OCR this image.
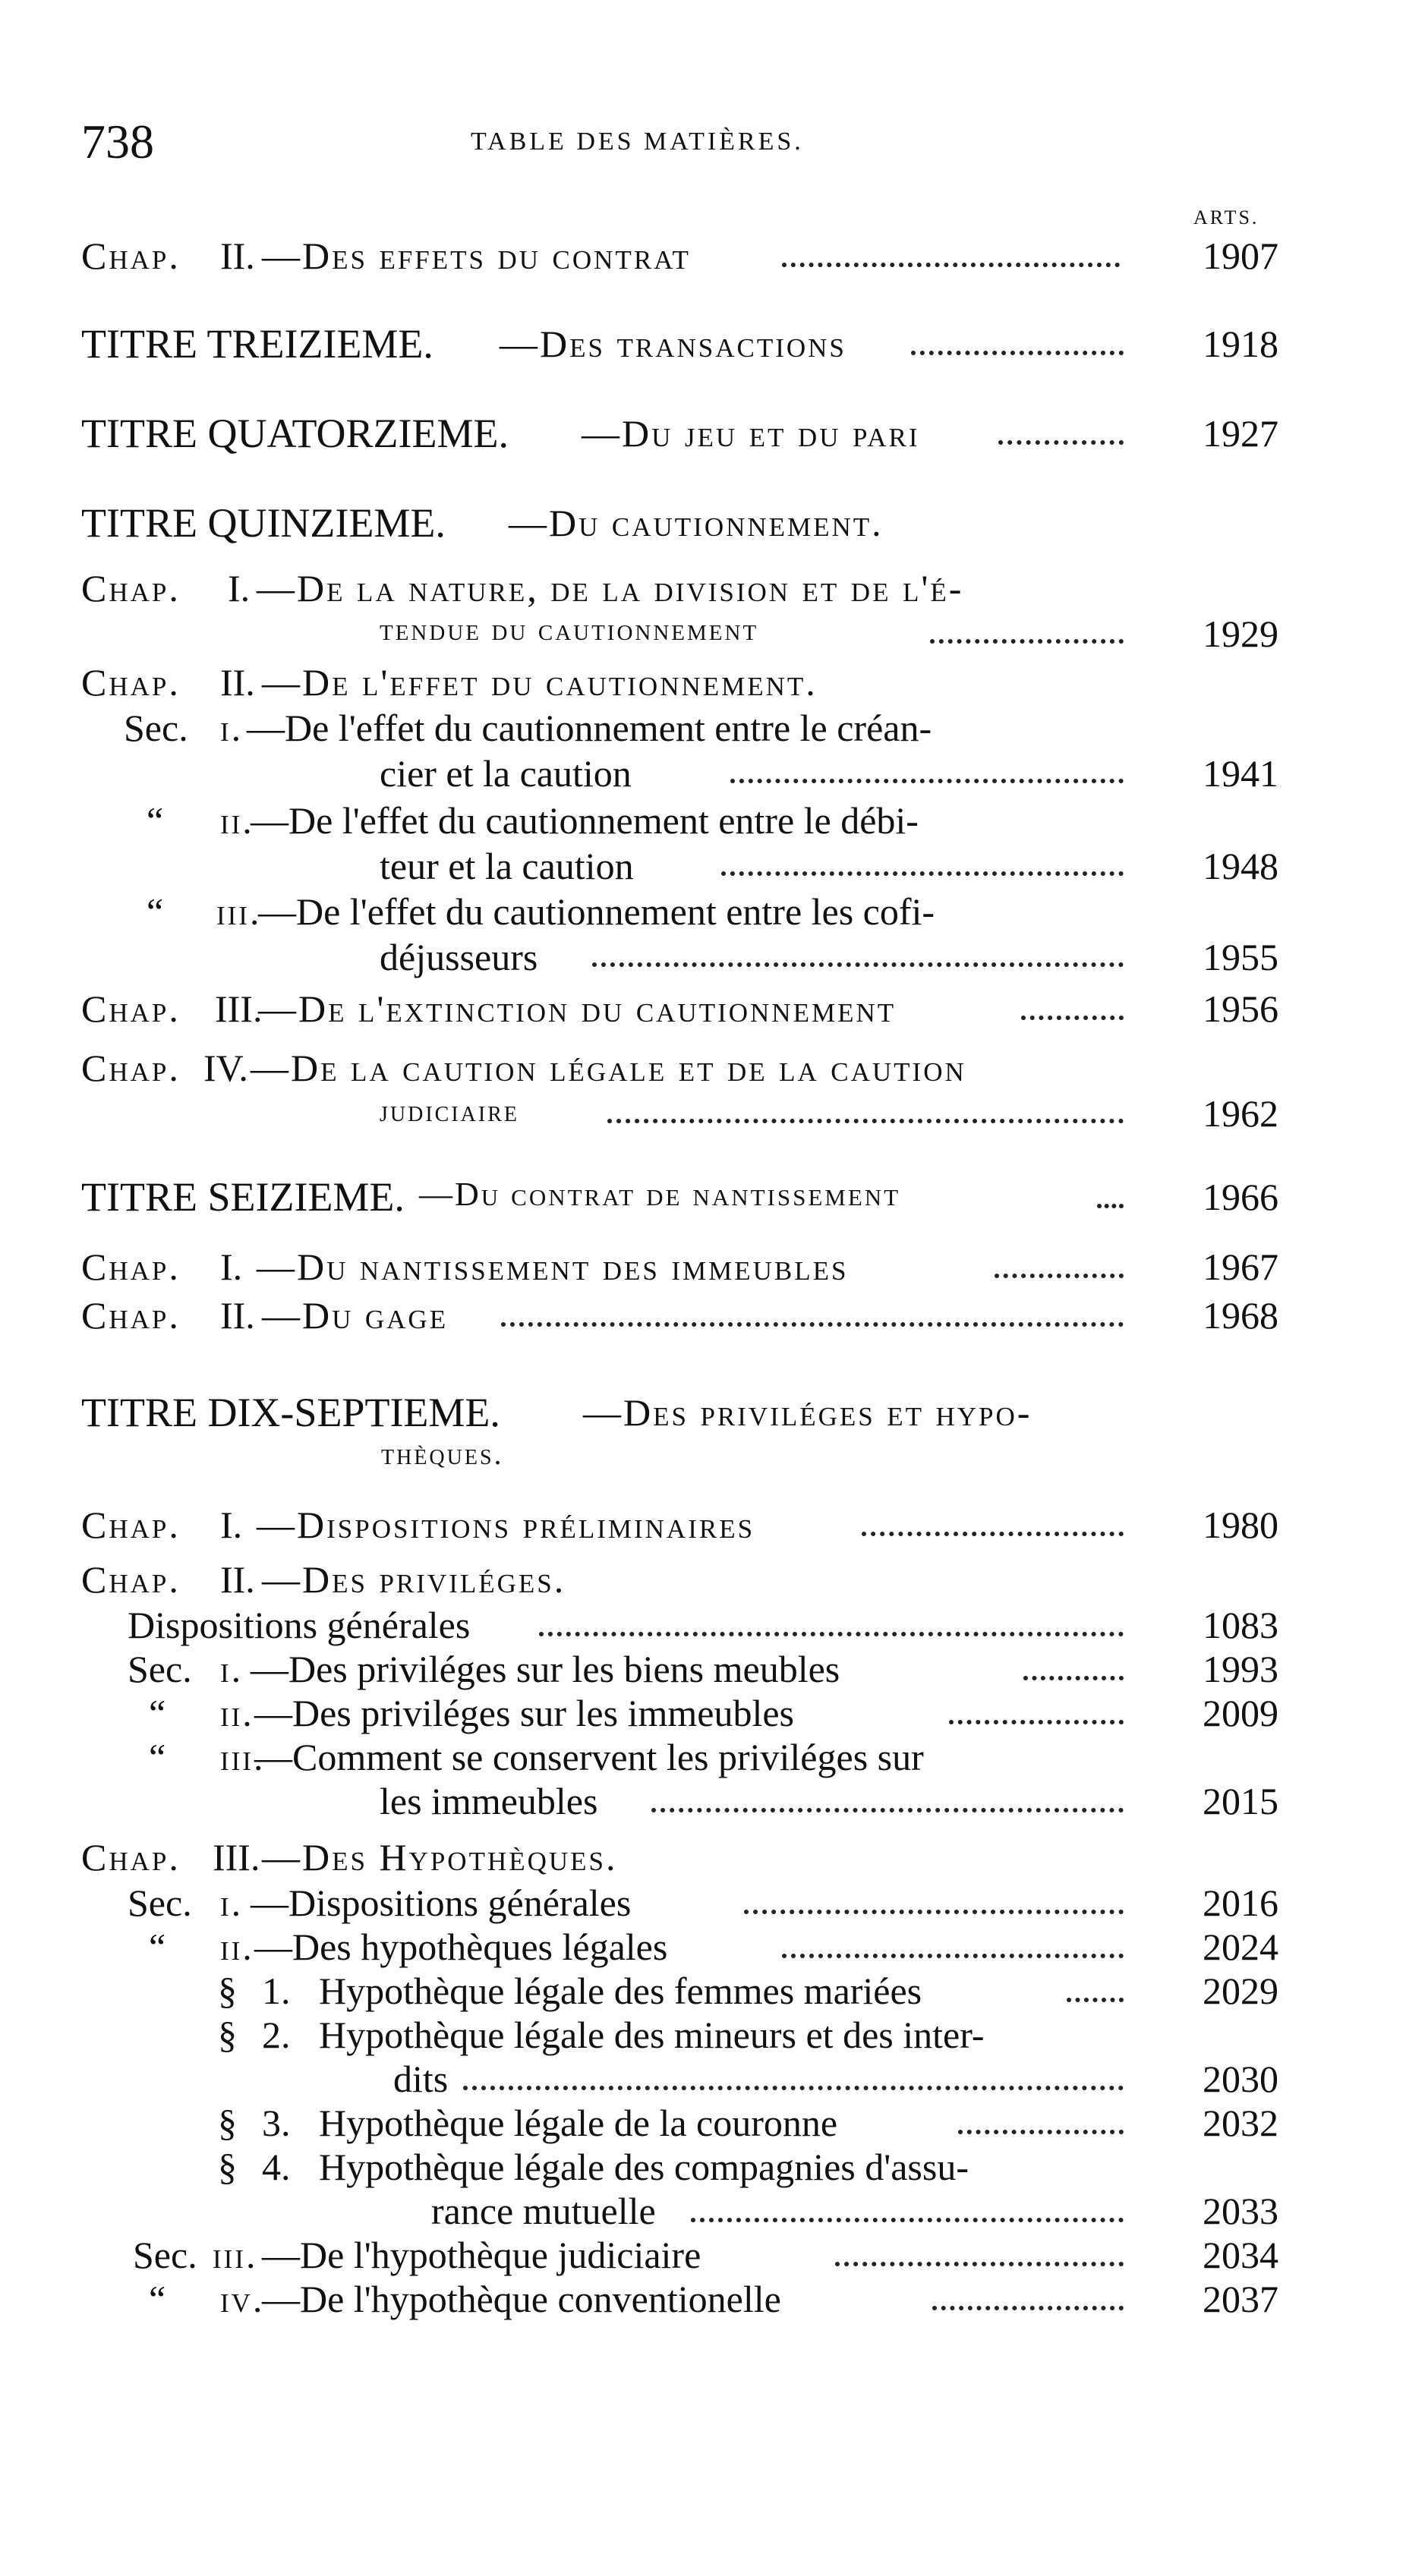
738	TABLE DES MATIÈRES.
ARTS.
Chap. II. —Des effets du contrat	1907
TITRE TREIZIEME. —Des transactions	1918
TITRE QUATORZIEME. —Du jeu et du pari	1927
TITRE QUINZIEME. —Du cautionnement.
Chap. I. —De la nature, de la division et de l'é-
tendue du cautionnement	1929
Chap. II. —De l'effet du cautionnement.
Sec. i. —De l'effet du cautionnement entre le créan-
cier et la caution	1941
“ ii.
—De l'effet du cautionnement entre le débi-
teur et la caution	1948
“ iii.
—De l'effet du cautionnement entre les cofi-
déjusseurs	1955
Chap. III.
—De l'extinction du cautionnement	1956
Chap. IV. —De la caution légale et de la caution
judiciaire	1962
TITRE SEIZIEME. —Du contrat de nantissement	1966
Chap. I. —Du nantissement des immeubles	1967
Chap. II. —Du gage	1968
TITRE DIX-SEPTIEME. —Des priviléges et hypo-
thèques.
Chap. I. —Dispositions préliminaires	1980
Chap. II. —Des priviléges.
Dispositions générales	1083
Sec. i. —Des priviléges sur les biens meubles	1993
“ ii. —Des priviléges sur les immeubles	2009
“ iii.
—Comment se conservent les priviléges sur
les immeubles	2015
Chap. III. —Des Hypothèques.
Sec. i. —Dispositions générales	2016
“ ii. —Des hypothèques légales	2024
§ 1. Hypothèque légale des femmes mariées	2029
§ 2. Hypothèque légale des mineurs et des inter-
dits	2030
§ 3. Hypothèque légale de la couronne	2032
§ 4. Hypothèque légale des compagnies d'assu-
rance mutuelle	2033
Sec. iii. —De l'hypothèque judiciaire	2034
“ iv.
—De l'hypothèque conventionelle	2037
